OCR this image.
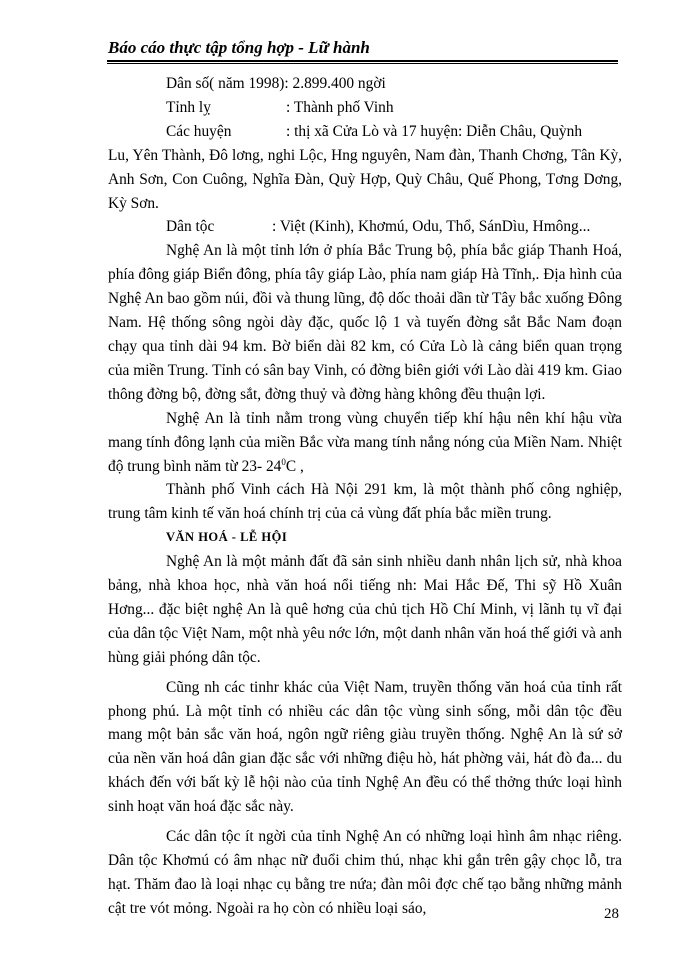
Báo cáo thực tập tổng hợp - Lữ hành

Dân số( năm 1998): 2.899.400 ngời

Tỉnh lỵ	: Thành phố Vinh

Các huyện	: thị xã Cửa Lò và 17 huyện: Diễn Châu, Quỳnh

Lu, Yên Thành, Đô lơng, nghi Lộc, Hng nguyên, Nam đàn, Thanh Chơng, Tân Kỳ, Anh Sơn, Con Cuông, Nghĩa Đàn, Quỳ Hợp, Quỳ Châu, Quế Phong, Tơng Dơng, Kỳ Sơn.

Dân tộc	: Việt (Kinh), Khơmú, Odu, Thổ, SánDìu, Hmông...

Nghệ An là một tỉnh lớn ở phía Bắc Trung bộ, phía bắc giáp Thanh Hoá, phía đông giáp Biển đông, phía tây giáp Lào, phía nam giáp Hà Tĩnh,. Địa hình của Nghệ An bao gồm núi, đồi và thung lũng, độ dốc thoải dần từ Tây bắc xuống Đông Nam. Hệ thống sông ngòi dày đặc, quốc lộ 1 và tuyến đờng sắt Bắc Nam đoạn chạy qua tỉnh dài 94 km. Bờ biển dài 82 km, có Cửa Lò là cảng biển quan trọng của miền Trung. Tỉnh có sân bay Vinh, có đờng biên giới với Lào dài 419 km. Giao thông đờng bộ, đờng sắt, đờng thuỷ và đờng hàng không đều thuận lợi.

Nghệ An là tỉnh nằm trong vùng chuyển tiếp khí hậu nên khí hậu vừa mang tính đông lạnh của miền Bắc vừa mang tính nắng nóng của Miền Nam. Nhiệt độ trung bình năm từ 23- $24^0C$ ,

Thành phố Vinh cách Hà Nội 291 km, là một thành phố công nghiệp, trung tâm kinh tế văn hoá chính trị của cả vùng đất phía bắc miền trung.

VĂN HOÁ - LỄ HỘI

Nghệ An là một mảnh đất đã sản sinh nhiều danh nhân lịch sử, nhà khoa bảng, nhà khoa học, nhà văn hoá nổi tiếng nh: Mai Hắc Đế, Thi sỹ Hồ Xuân Hơng... đặc biệt nghệ An là quê hơng của chủ tịch Hồ Chí Minh, vị lãnh tụ vĩ đại của dân tộc Việt Nam, một nhà yêu nớc lớn, một danh nhân văn hoá thế giới và anh hùng giải phóng dân tộc.

Cũng nh các tinhr khác của Việt Nam, truyền thống văn hoá của tỉnh rất phong phú. Là một tỉnh có nhiều các dân tộc vùng sinh sống, mỗi dân tộc đều mang một bản sắc văn hoá, ngôn ngữ riêng giàu truyền thống. Nghệ An là sứ sở của nền văn hoá dân gian đặc sắc với những điệu hò, hát phờng vải, hát đò đa... du khách đến với bất kỳ lễ hội nào của tỉnh Nghệ An đều có thể thởng thức loại hình sinh hoạt văn hoá đặc sắc này.

Các dân tộc ít ngời của tỉnh Nghệ An có những loại hình âm nhạc riêng. Dân tộc Khơmú có âm nhạc nữ đuổi chim thú, nhạc khi gắn trên gậy chọc lỗ, tra hạt. Thăm đao là loại nhạc cụ bằng tre nứa; đàn môi đợc chế tạo bằng những mảnh cật tre vót mỏng. Ngoài ra họ còn có nhiều loại sáo,	28
